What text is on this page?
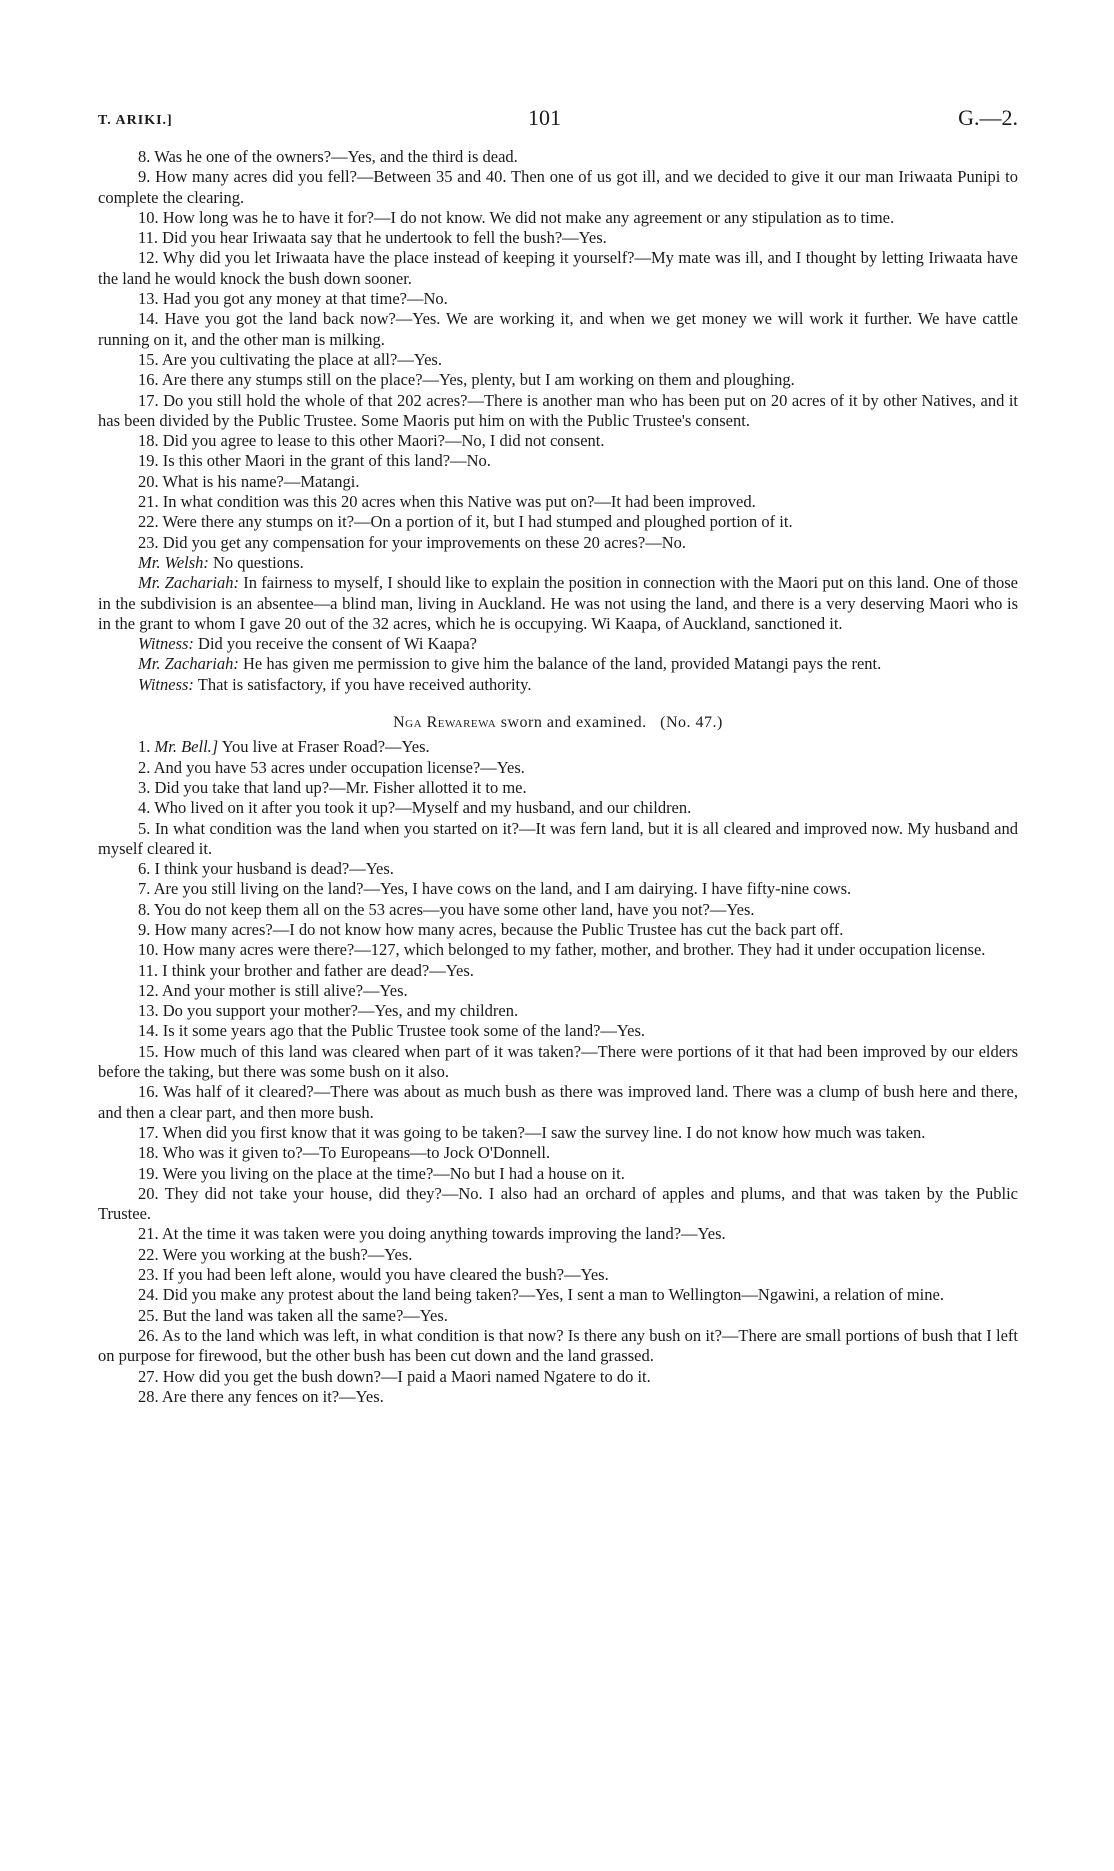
T. ARIKI.]	101	G.—2.

8. Was he one of the owners?—Yes, and the third is dead.

9. How many acres did you fell?—Between 35 and 40. Then one of us got ill, and we decided to give it our man Iriwaata Punipi to complete the clearing.

10. How long was he to have it for?—I do not know. We did not make any agreement or any stipulation as to time.

11. Did you hear Iriwaata say that he undertook to fell the bush?—Yes.

12. Why did you let Iriwaata have the place instead of keeping it yourself?—My mate was ill, and I thought by letting Iriwaata have the land he would knock the bush down sooner.

13. Had you got any money at that time?—No.

14. Have you got the land back now?—Yes. We are working it, and when we get money we will work it further. We have cattle running on it, and the other man is milking.

15. Are you cultivating the place at all?—Yes.

16. Are there any stumps still on the place?—Yes, plenty, but I am working on them and ploughing.

17. Do you still hold the whole of that 202 acres?—There is another man who has been put on 20 acres of it by other Natives, and it has been divided by the Public Trustee. Some Maoris put him on with the Public Trustee's consent.

18. Did you agree to lease to this other Maori?—No, I did not consent.

19. Is this other Maori in the grant of this land?—No.

20. What is his name?—Matangi.

21. In what condition was this 20 acres when this Native was put on?—It had been improved.

22. Were there any stumps on it?—On a portion of it, but I had stumped and ploughed portion of it.

23. Did you get any compensation for your improvements on these 20 acres?—No.

Mr. Welsh: No questions.

Mr. Zachariah: In fairness to myself, I should like to explain the position in connection with the Maori put on this land. One of those in the subdivision is an absentee—a blind man, living in Auckland. He was not using the land, and there is a very deserving Maori who is in the grant to whom I gave 20 out of the 32 acres, which he is occupying. Wi Kaapa, of Auckland, sanctioned it.

Witness: Did you receive the consent of Wi Kaapa?

Mr. Zachariah: He has given me permission to give him the balance of the land, provided Matangi pays the rent.

Witness: That is satisfactory, if you have received authority.

Nga Rewarewa sworn and examined. (No. 47.)

1. Mr. Bell.] You live at Fraser Road?—Yes.

2. And you have 53 acres under occupation license?—Yes.

3. Did you take that land up?—Mr. Fisher allotted it to me.

4. Who lived on it after you took it up?—Myself and my husband, and our children.

5. In what condition was the land when you started on it?—It was fern land, but it is all cleared and improved now. My husband and myself cleared it.

6. I think your husband is dead?—Yes.

7. Are you still living on the land?—Yes, I have cows on the land, and I am dairying. I have fifty-nine cows.

8. You do not keep them all on the 53 acres—you have some other land, have you not?—Yes.

9. How many acres?—I do not know how many acres, because the Public Trustee has cut the back part off.

10. How many acres were there?—127, which belonged to my father, mother, and brother. They had it under occupation license.

11. I think your brother and father are dead?—Yes.

12. And your mother is still alive?—Yes.

13. Do you support your mother?—Yes, and my children.

14. Is it some years ago that the Public Trustee took some of the land?—Yes.

15. How much of this land was cleared when part of it was taken?—There were portions of it that had been improved by our elders before the taking, but there was some bush on it also.

16. Was half of it cleared?—There was about as much bush as there was improved land. There was a clump of bush here and there, and then a clear part, and then more bush.

17. When did you first know that it was going to be taken?—I saw the survey line. I do not know how much was taken.

18. Who was it given to?—To Europeans—to Jock O'Donnell.

19. Were you living on the place at the time?—No but I had a house on it.

20. They did not take your house, did they?—No. I also had an orchard of apples and plums, and that was taken by the Public Trustee.

21. At the time it was taken were you doing anything towards improving the land?—Yes.

22. Were you working at the bush?—Yes.

23. If you had been left alone, would you have cleared the bush?—Yes.

24. Did you make any protest about the land being taken?—Yes, I sent a man to Wellington—Ngawini, a relation of mine.

25. But the land was taken all the same?—Yes.

26. As to the land which was left, in what condition is that now? Is there any bush on it?—There are small portions of bush that I left on purpose for firewood, but the other bush has been cut down and the land grassed.

27. How did you get the bush down?—I paid a Maori named Ngatere to do it.

28. Are there any fences on it?—Yes.
